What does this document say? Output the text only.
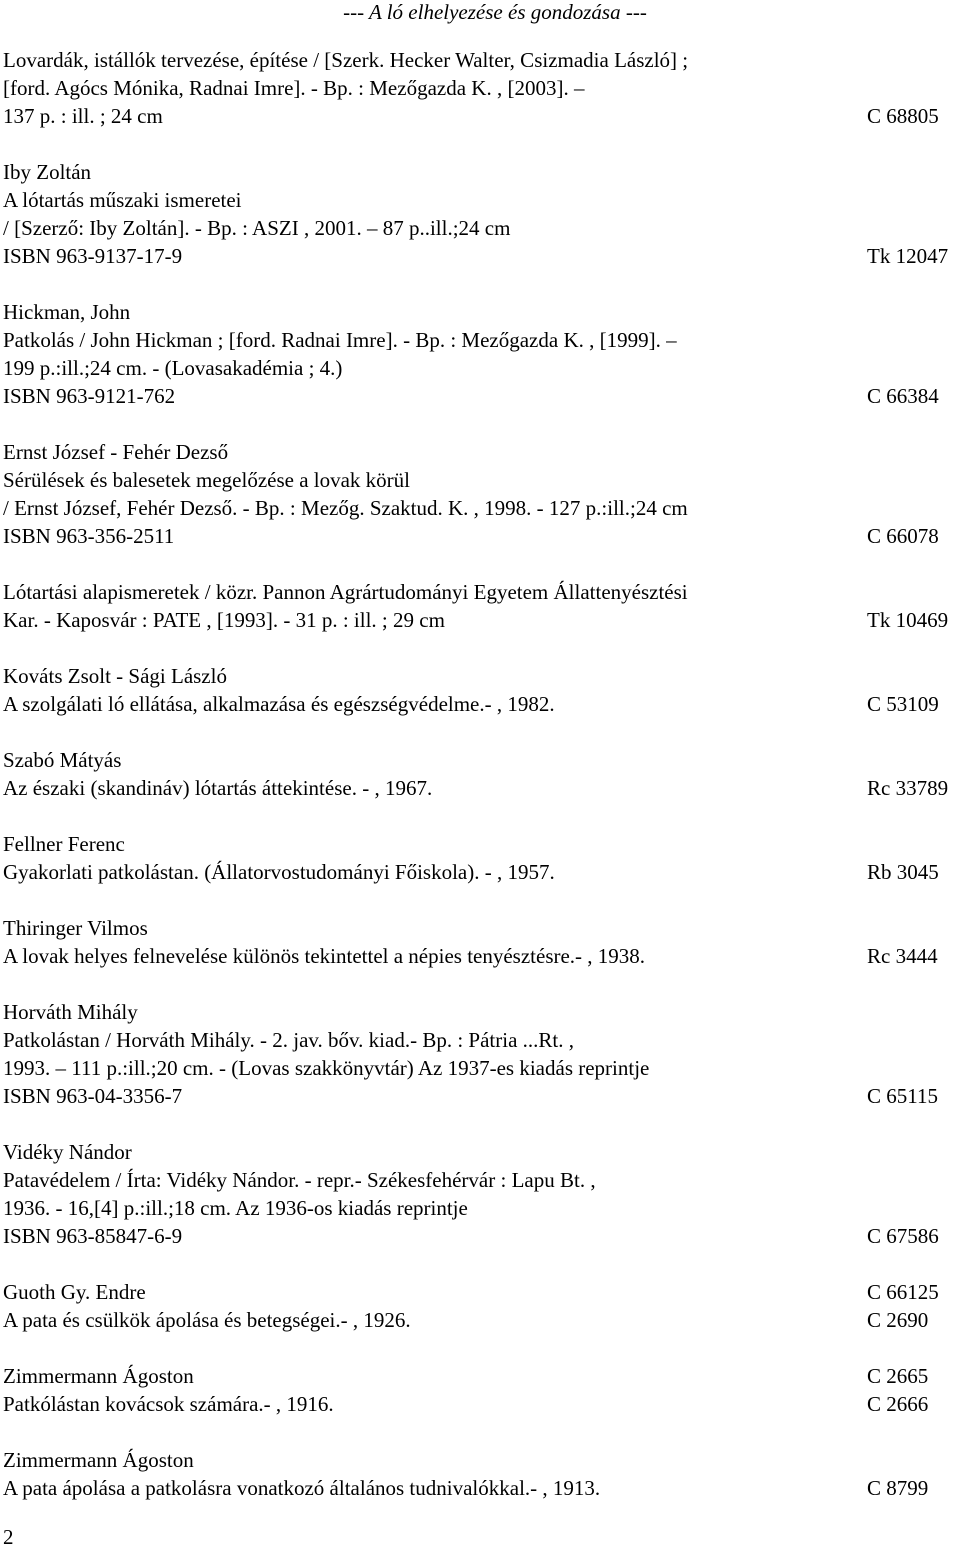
--- A ló elhelyezése és gondozása ---
Lovardák, istállók tervezése, építése / [Szerk. Hecker Walter, Csizmadia László] ;
[ford. Agócs Mónika, Radnai Imre]. - Bp. : Mezőgazda K. , [2003]. –
137 p. : ill. ; 24 cm	C 68805
Iby Zoltán
A lótartás műszaki ismeretei
/ [Szerző: Iby Zoltán]. - Bp. : ASZI , 2001. – 87 p..ill.;24 cm
ISBN 963-9137-17-9	Tk 12047
Hickman, John
Patkolás / John Hickman ; [ford. Radnai Imre]. - Bp. : Mezőgazda K. , [1999]. –
199 p.:ill.;24 cm. - (Lovasakadémia ; 4.)
ISBN 963-9121-762	C 66384
Ernst József - Fehér Dezső
Sérülések és balesetek megelőzése a lovak körül
/ Ernst József, Fehér Dezső. - Bp. : Mezőg. Szaktud. K. , 1998. - 127 p.:ill.;24 cm
ISBN 963-356-2511	C 66078
Lótartási alapismeretek / közr. Pannon Agrártudományi Egyetem Állattenyésztési
Kar. - Kaposvár : PATE , [1993]. - 31 p. : ill. ; 29 cm	Tk 10469
Kováts Zsolt - Sági László
A szolgálati ló ellátása, alkalmazása és egészségvédelme.- , 1982.	C 53109
Szabó Mátyás
Az északi (skandináv) lótartás áttekintése. - , 1967.	Rc 33789
Fellner Ferenc
Gyakorlati patkolástan. (Állatorvostudományi Főiskola). - , 1957.	Rb 3045
Thiringer Vilmos
A lovak helyes felnevelése különös tekintettel a népies tenyésztésre.- , 1938.	Rc 3444
Horváth Mihály
Patkolástan / Horváth Mihály. - 2. jav. bőv. kiad.- Bp. : Pátria ...Rt. ,
1993. – 111 p.:ill.;20 cm. - (Lovas szakkönyvtár) Az 1937-es kiadás reprintje
ISBN 963-04-3356-7	C 65115
Vidéky Nándor
Patavédelem / Írta: Vidéky Nándor. - repr.- Székesfehérvár : Lapu Bt. ,
1936. - 16,[4] p.:ill.;18 cm. Az 1936-os kiadás reprintje
ISBN 963-85847-6-9	C 67586
Guoth Gy. Endre	C 66125
A pata és csülkök ápolása és betegségei.- , 1926.	C 2690
Zimmermann Ágoston	C 2665
Patkólástan kovácsok számára.- , 1916.	C 2666
Zimmermann Ágoston
A pata ápolása a patkolásra vonatkozó általános tudnivalókkal.- , 1913.	C 8799
2
